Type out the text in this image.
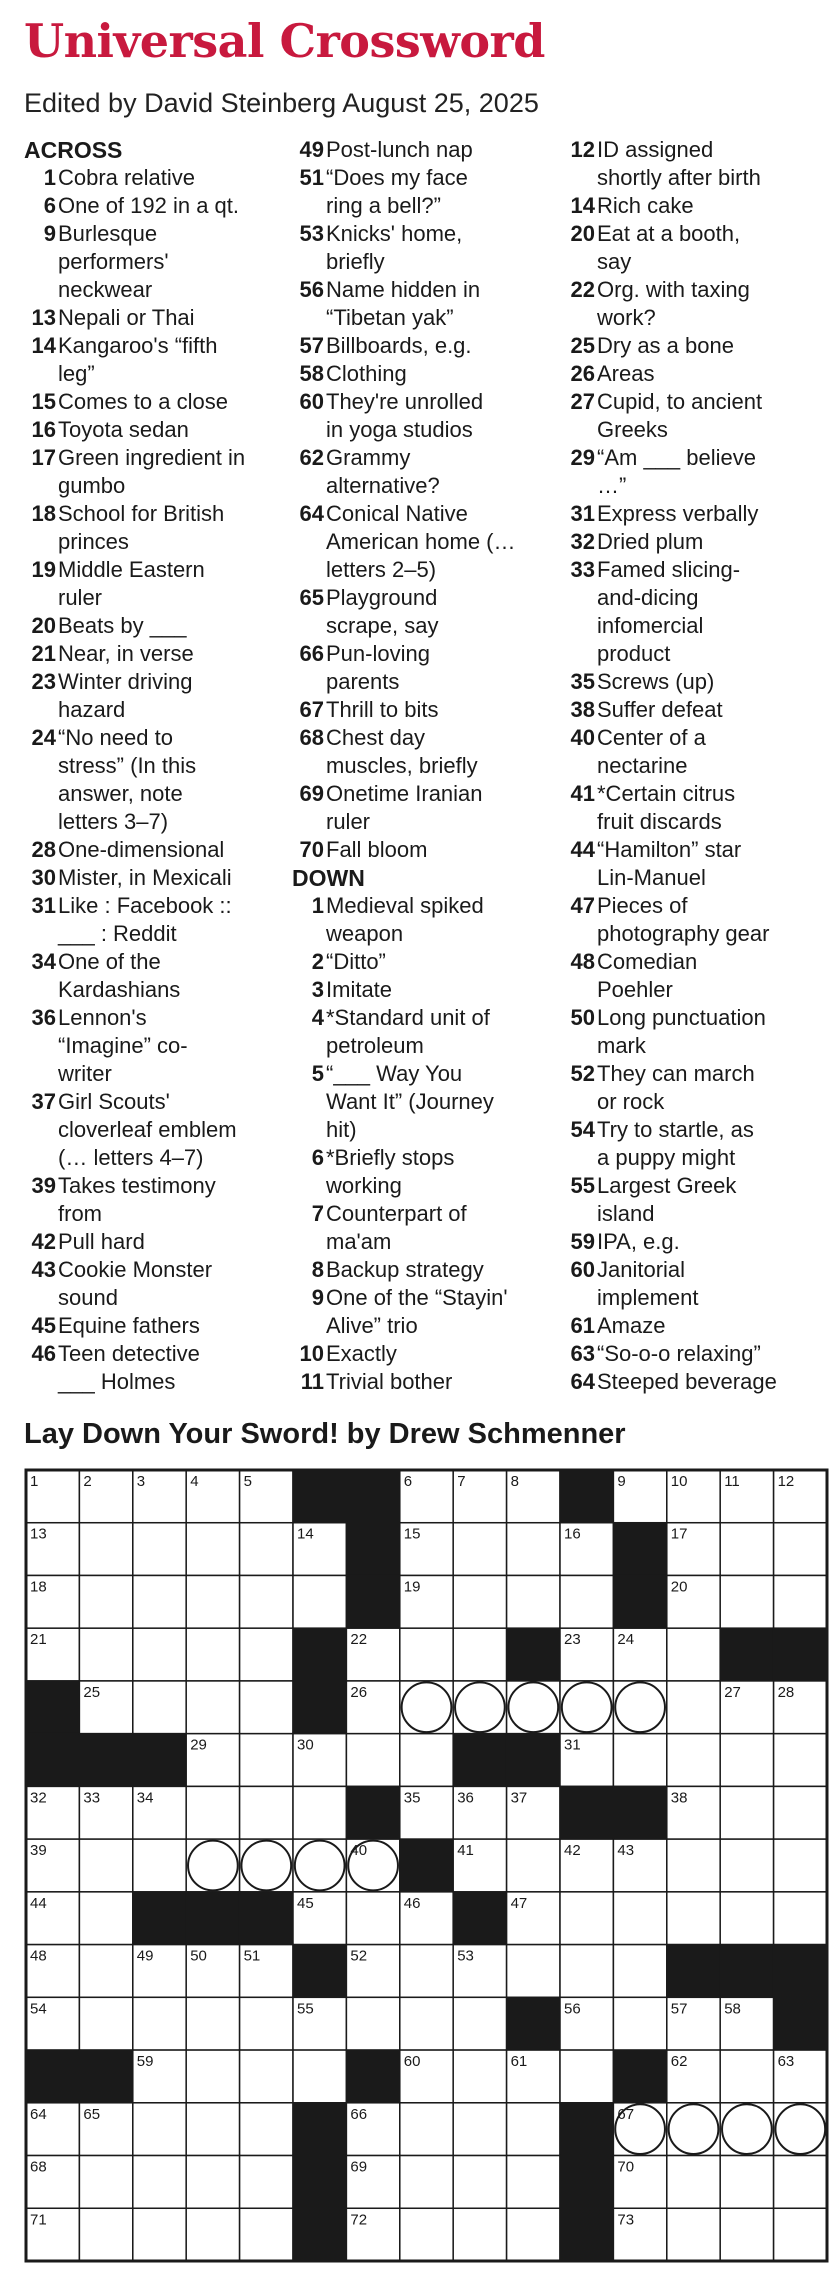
Universal Crossword
Edited by David Steinberg August 25, 2025
ACROSS
1 Cobra relative
6 One of 192 in a qt.
9 Burlesque
performers'
neckwear
13 Nepali or Thai
14 Kangaroo's “fifth
leg”
15 Comes to a close
16 Toyota sedan
17 Green ingredient in
gumbo
18 School for British
princes
19 Middle Eastern
ruler
20 Beats by ___
21 Near, in verse
23 Winter driving
hazard
24 “No need to
stress” (In this
answer, note
letters 3–7)
28 One-dimensional
30 Mister, in Mexicali
31 Like : Facebook ::
___ : Reddit
34 One of the
Kardashians
36 Lennon's
“Imagine” co-
writer
37 Girl Scouts'
cloverleaf emblem
(… letters 4–7)
39 Takes testimony
from
42 Pull hard
43 Cookie Monster
sound
45 Equine fathers
46 Teen detective
___ Holmes
49 Post-lunch nap
51 “Does my face
ring a bell?”
53 Knicks' home,
briefly
56 Name hidden in
“Tibetan yak”
57 Billboards, e.g.
58 Clothing
60 They're unrolled
in yoga studios
62 Grammy
alternative?
64 Conical Native
American home (…
letters 2–5)
65 Playground
scrape, say
66 Pun-loving
parents
67 Thrill to bits
68 Chest day
muscles, briefly
69 Onetime Iranian
ruler
70 Fall bloom
DOWN
1 Medieval spiked
weapon
2 “Ditto”
3 Imitate
4 *Standard unit of
petroleum
5 “___ Way You
Want It” (Journey
hit)
6 *Briefly stops
working
7 Counterpart of
ma'am
8 Backup strategy
9 One of the “Stayin'
Alive” trio
10 Exactly
11 Trivial bother
12 ID assigned
shortly after birth
14 Rich cake
20 Eat at a booth,
say
22 Org. with taxing
work?
25 Dry as a bone
26 Areas
27 Cupid, to ancient
Greeks
29 “Am ___ believe
…”
31 Express verbally
32 Dried plum
33 Famed slicing-
and-dicing
infomercial
product
35 Screws (up)
38 Suffer defeat
40 Center of a
nectarine
41 *Certain citrus
fruit discards
44 “Hamilton” star
Lin-Manuel
47 Pieces of
photography gear
48 Comedian
Poehler
50 Long punctuation
mark
52 They can march
or rock
54 Try to startle, as
a puppy might
55 Largest Greek
island
59 IPA, e.g.
60 Janitorial
implement
61 Amaze
63 “So-o-o relaxing”
64 Steeped beverage
Lay Down Your Sword! by Drew Schmenner
1	2	3	4	5	6	7	8	9	10 11	12
13	14	15	16	17
18	19	20
21	22	23 24
25	26	27 28
29	30	31
32 33 34	35 36 37	38
39	40	41	42 43
44	45	46	47
48	49 50 51	52	53
54	55	56	57 58
59	60	61	62	63
64 65	66	67
68	69	70
71	72	73
